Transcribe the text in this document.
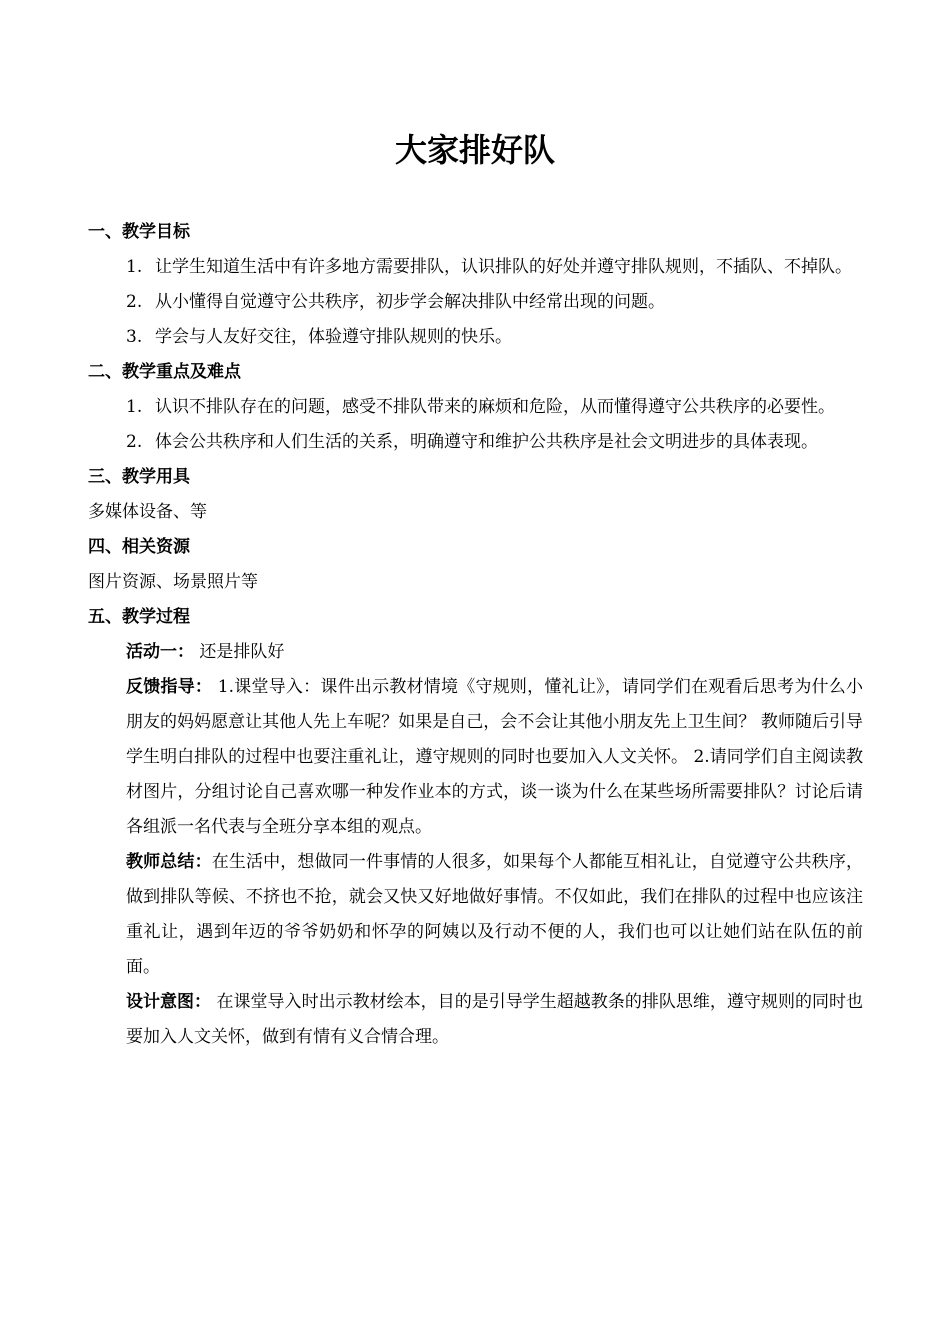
大家排好队
一、教学目标
1. 让学生知道生活中有许多地方需要排队，认识排队的好处并遵守排队规则，不插队、不掉队。
2. 从小懂得自觉遵守公共秩序，初步学会解决排队中经常出现的问题。
3. 学会与人友好交往，体验遵守排队规则的快乐。
二、教学重点及难点
1. 认识不排队存在的问题，感受不排队带来的麻烦和危险，从而懂得遵守公共秩序的必要性。
2. 体会公共秩序和人们生活的关系，明确遵守和维护公共秩序是社会文明进步的具体表现。
三、教学用具
多媒体设备、等
四、相关资源
图片资源、场景照片等
五、教学过程
活动一： 还是排队好
反馈指导： 1.课堂导入：课件出示教材情境《守规则，懂礼让》，请同学们在观看后思考为什么小朋友的妈妈愿意让其他人先上车呢？如果是自己，会不会让其他小朋友先上卫生间？ 教师随后引导学生明白排队的过程中也要注重礼让，遵守规则的同时也要加入人文关怀。 2.请同学们自主阅读教材图片，分组讨论自己喜欢哪一种发作业本的方式，谈一谈为什么在某些场所需要排队？讨论后请各组派一名代表与全班分享本组的观点。
教师总结：在生活中，想做同一件事情的人很多，如果每个人都能互相礼让，自觉遵守公共秩序，做到排队等候、不挤也不抢，就会又快又好地做好事情。不仅如此，我们在排队的过程中也应该注重礼让，遇到年迈的爷爷奶奶和怀孕的阿姨以及行动不便的人，我们也可以让她们站在队伍的前面。
设计意图： 在课堂导入时出示教材绘本，目的是引导学生超越教条的排队思维，遵守规则的同时也要加入人文关怀，做到有情有义合情合理。
